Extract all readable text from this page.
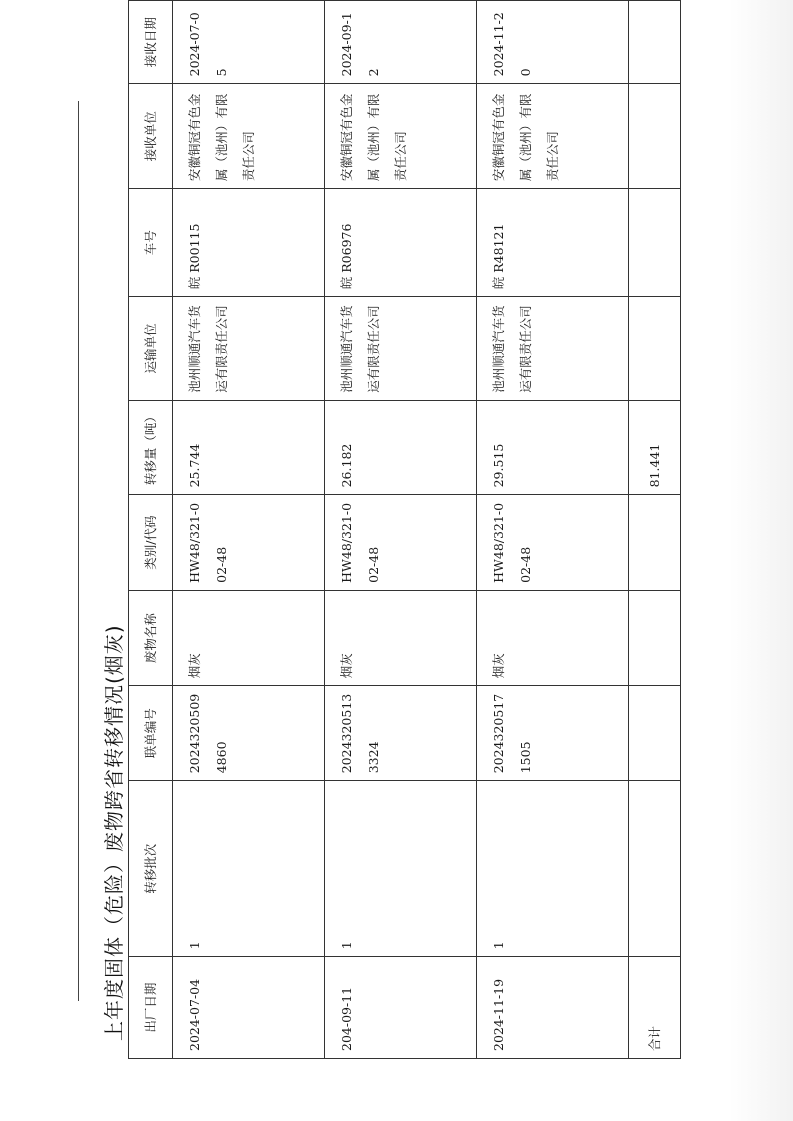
上年度固体（危险）废物跨省转移情况(烟灰) 出厂日期	转移批次	联单编号	废物名称	类别/代码	转移量（吨）	运输单位	车号	接收单位	接收日期
2024-07-04	1	20243205094860	烟灰	HW48/321-002-48	25.744	池州顺通汽车货运有限责任公司	皖 R00115	安徽铜冠有色金属（池州）有限责任公司	2024-07-05
204-09-11	1	20243205133324	烟灰	HW48/321-002-48	26.182	池州顺通汽车货运有限责任公司	皖 R06976	安徽铜冠有色金属（池州）有限责任公司	2024-09-12
2024-11-19	1	20243205171505	烟灰	HW48/321-002-48	29.515	池州顺通汽车货运有限责任公司	皖 R48121	安徽铜冠有色金属（池州）有限责任公司	2024-11-20
合计					81.441				
